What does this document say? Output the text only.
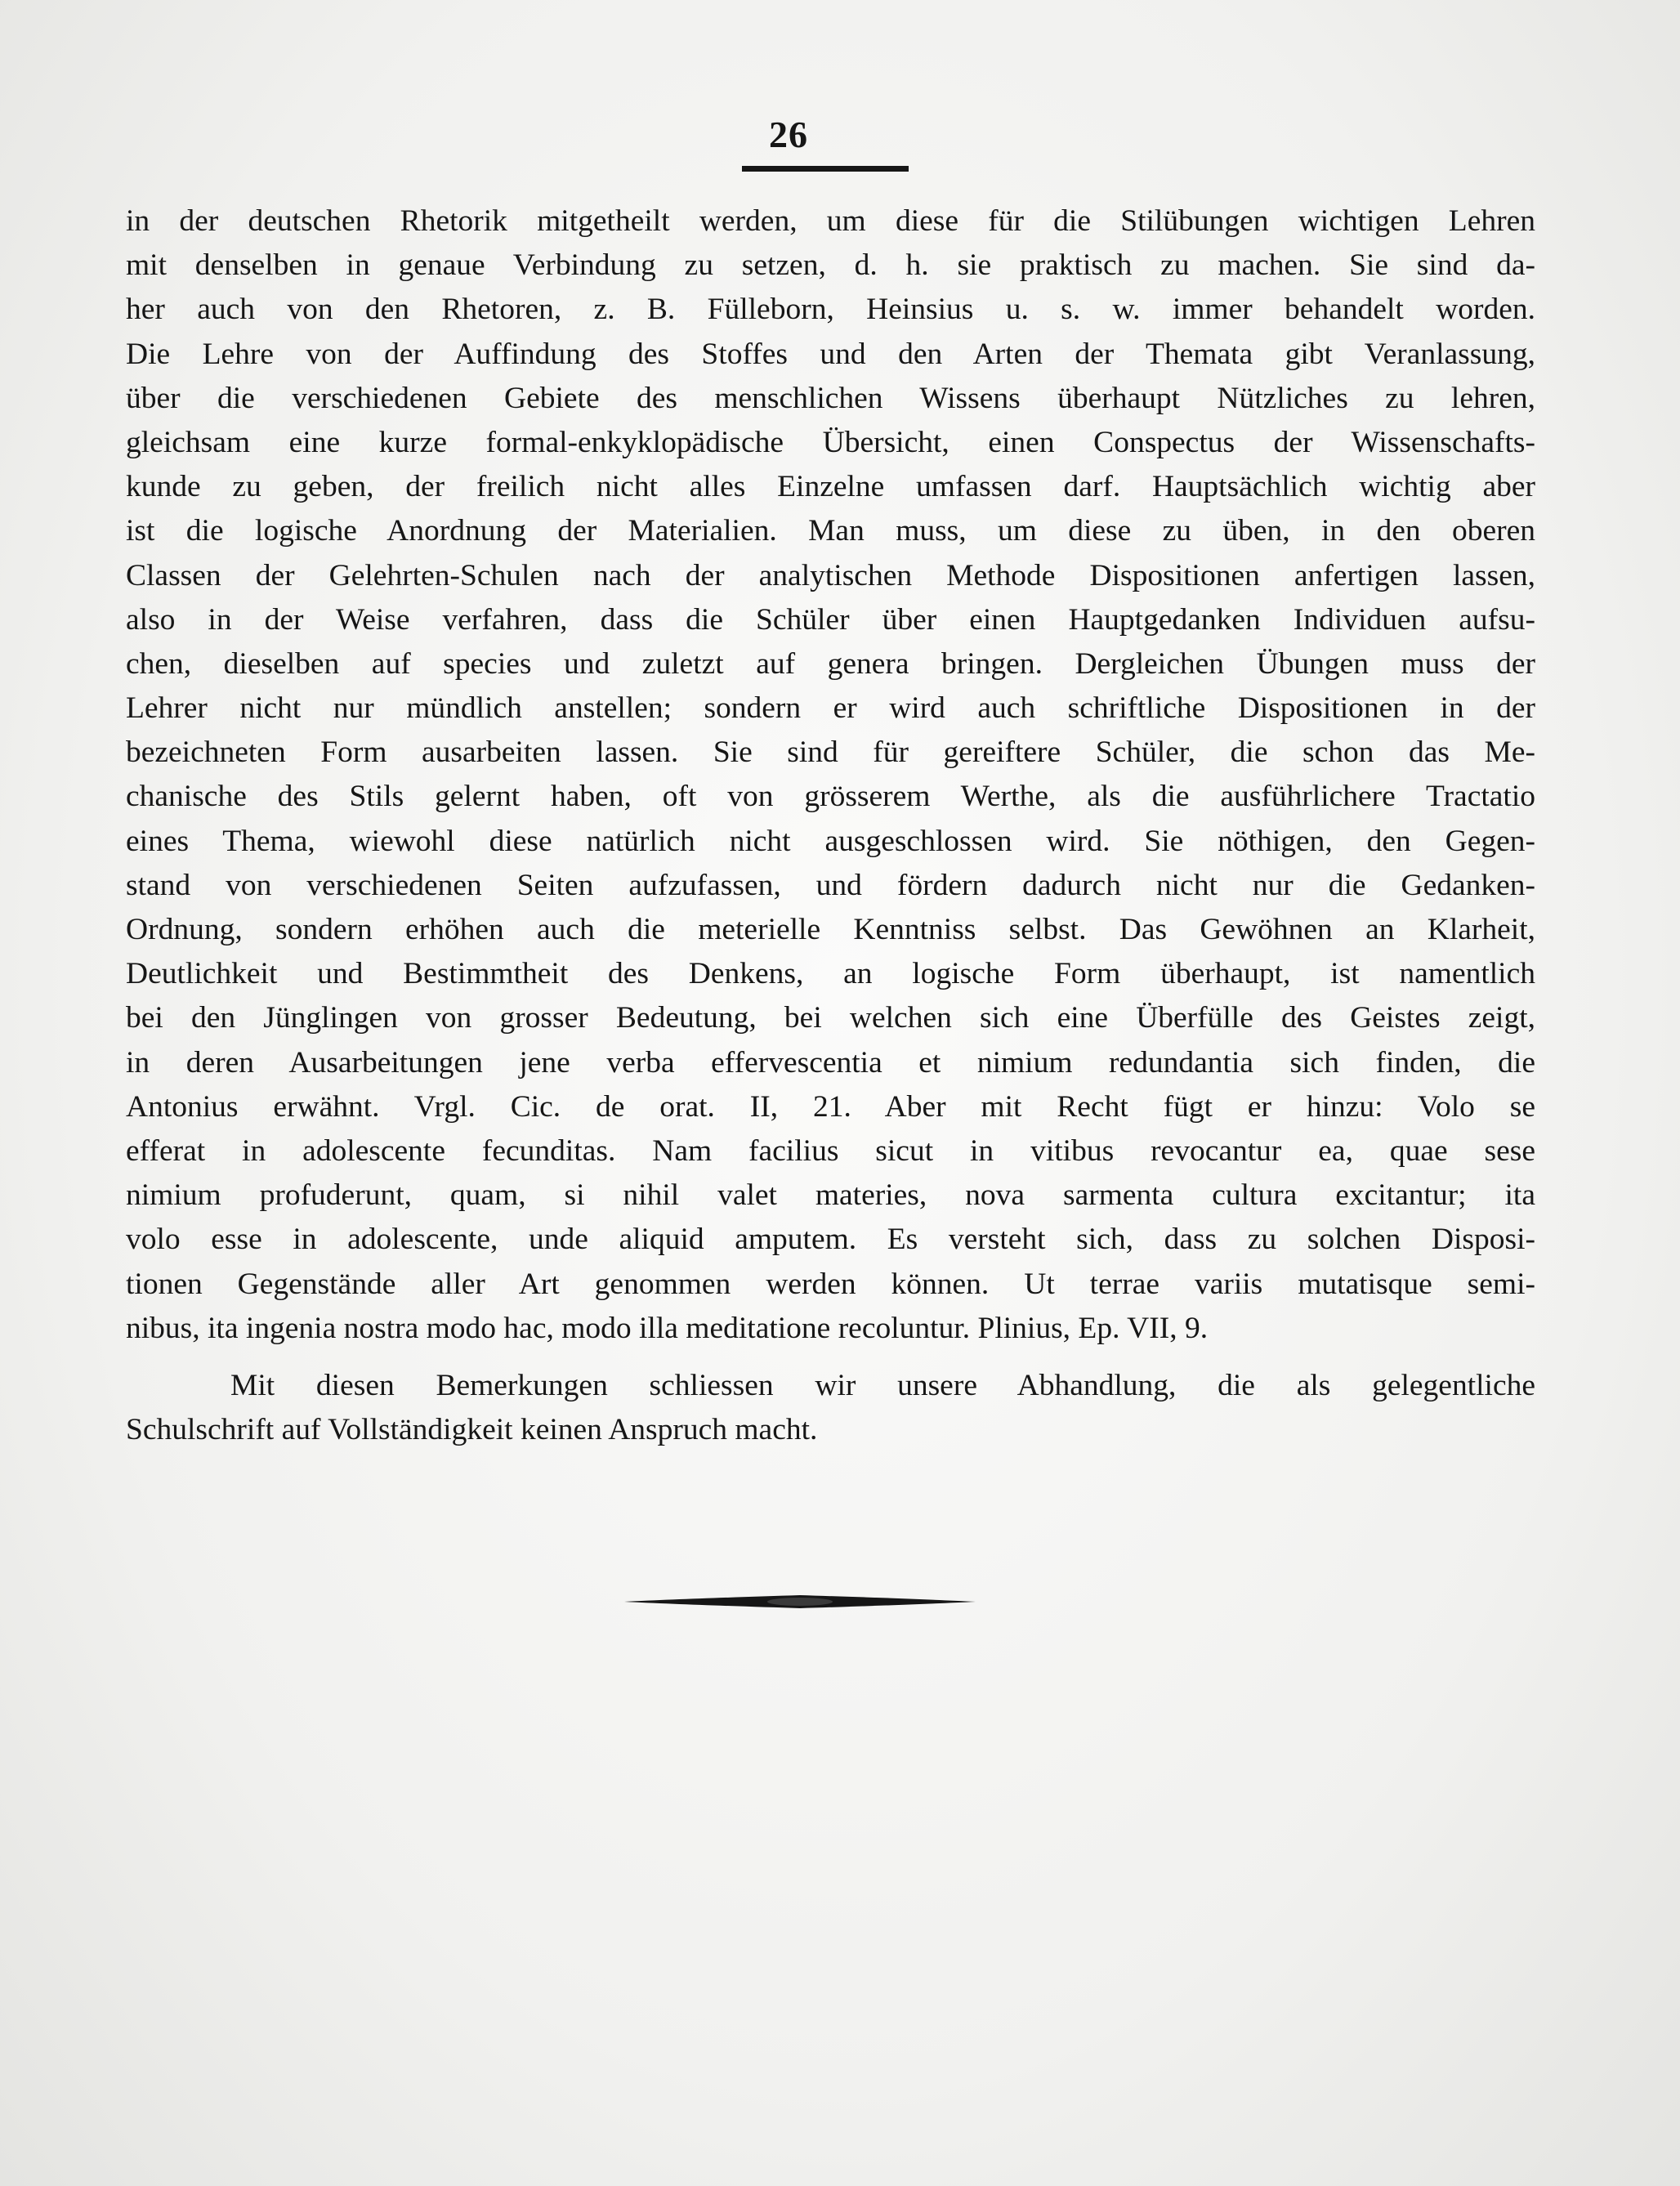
26
in der deutschen Rhetorik mitgetheilt werden, um diese für die Stilübungen wichtigen Lehren
mit denselben in genaue Verbindung zu setzen, d. h. sie praktisch zu machen. Sie sind da-
her auch von den Rhetoren, z. B. Fülleborn, Heinsius u. s. w. immer behandelt worden.
Die Lehre von der Auffindung des Stoffes und den Arten der Themata gibt Veranlassung,
über die verschiedenen Gebiete des menschlichen Wissens überhaupt Nützliches zu lehren,
gleichsam eine kurze formal-enkyklopädische Übersicht, einen Conspectus der Wissenschafts-
kunde zu geben, der freilich nicht alles Einzelne umfassen darf. Hauptsächlich wichtig aber
ist die logische Anordnung der Materialien. Man muss, um diese zu üben, in den oberen
Classen der Gelehrten-Schulen nach der analytischen Methode Dispositionen anfertigen lassen,
also in der Weise verfahren, dass die Schüler über einen Hauptgedanken Individuen aufsu-
chen, dieselben auf species und zuletzt auf genera bringen. Dergleichen Übungen muss der
Lehrer nicht nur mündlich anstellen; sondern er wird auch schriftliche Dispositionen in der
bezeichneten Form ausarbeiten lassen. Sie sind für gereiftere Schüler, die schon das Me-
chanische des Stils gelernt haben, oft von grösserem Werthe, als die ausführlichere Tractatio
eines Thema, wiewohl diese natürlich nicht ausgeschlossen wird. Sie nöthigen, den Gegen-
stand von verschiedenen Seiten aufzufassen, und fördern dadurch nicht nur die Gedanken-
Ordnung, sondern erhöhen auch die meterielle Kenntniss selbst. Das Gewöhnen an Klarheit,
Deutlichkeit und Bestimmtheit des Denkens, an logische Form überhaupt, ist namentlich
bei den Jünglingen von grosser Bedeutung, bei welchen sich eine Überfülle des Geistes zeigt,
in deren Ausarbeitungen jene verba effervescentia et nimium redundantia sich finden, die
Antonius erwähnt. Vrgl. Cic. de orat. II, 21. Aber mit Recht fügt er hinzu: Volo se
efferat in adolescente fecunditas. Nam facilius sicut in vitibus revocantur ea, quae sese
nimium profuderunt, quam, si nihil valet materies, nova sarmenta cultura excitantur; ita
volo esse in adolescente, unde aliquid amputem. Es versteht sich, dass zu solchen Disposi-
tionen Gegenstände aller Art genommen werden können. Ut terrae variis mutatisque semi-
nibus, ita ingenia nostra modo hac, modo illa meditatione recoluntur. Plinius, Ep. VII, 9.
Mit diesen Bemerkungen schliessen wir unsere Abhandlung, die als gelegentliche
Schulschrift auf Vollständigkeit keinen Anspruch macht.
